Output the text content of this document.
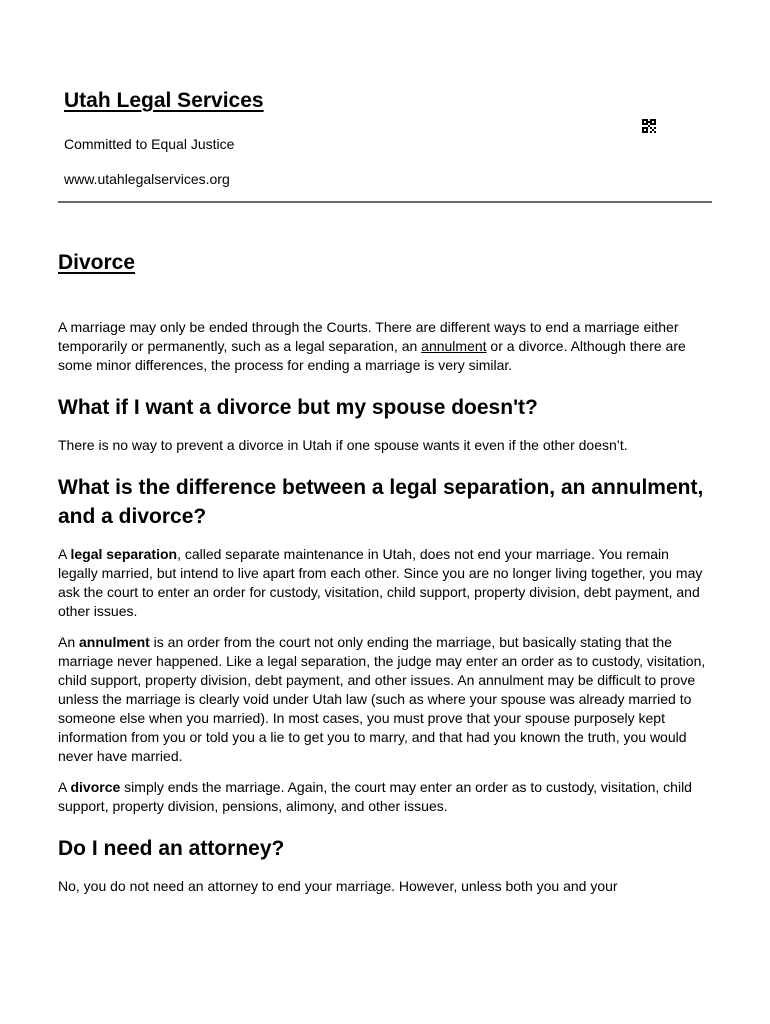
Utah Legal Services

Committed to Equal Justice

www.utahlegalservices.org

Divorce

A marriage may only be ended through the Courts. There are different ways to end a marriage either temporarily or permanently, such as a legal separation, an annulment or a divorce. Although there are some minor differences, the process for ending a marriage is very similar.

What if I want a divorce but my spouse doesn't?

There is no way to prevent a divorce in Utah if one spouse wants it even if the other doesn’t.

What is the difference between a legal separation, an annulment, and a divorce?

A legal separation, called separate maintenance in Utah, does not end your marriage. You remain legally married, but intend to live apart from each other. Since you are no longer living together, you may ask the court to enter an order for custody, visitation, child support, property division, debt payment, and other issues.

An annulment is an order from the court not only ending the marriage, but basically stating that the marriage never happened. Like a legal separation, the judge may enter an order as to custody, visitation, child support, property division, debt payment, and other issues. An annulment may be difficult to prove unless the marriage is clearly void under Utah law (such as where your spouse was already married to someone else when you married). In most cases, you must prove that your spouse purposely kept information from you or told you a lie to get you to marry, and that had you known the truth, you would never have married.

A divorce simply ends the marriage. Again, the court may enter an order as to custody, visitation, child support, property division, pensions, alimony, and other issues.

Do I need an attorney?

No, you do not need an attorney to end your marriage. However, unless both you and your
